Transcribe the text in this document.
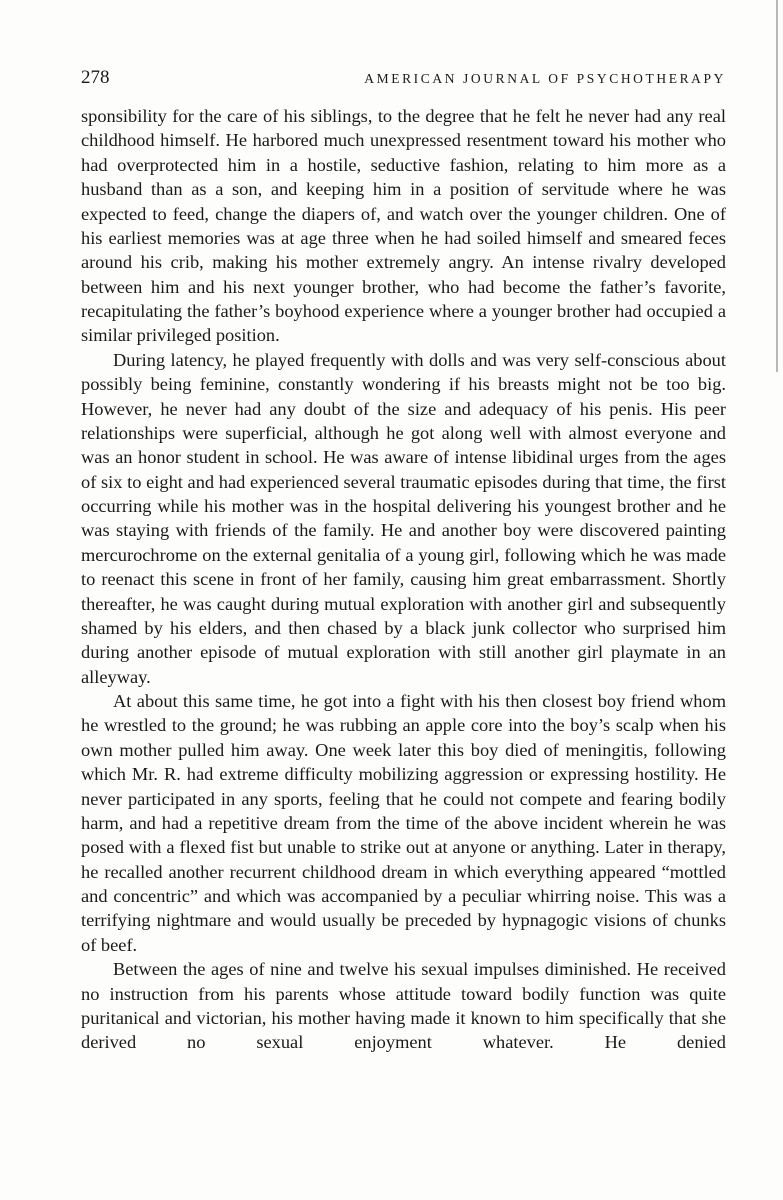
278	AMERICAN JOURNAL OF PSYCHOTHERAPY

sponsibility for the care of his siblings, to the degree that he felt he never had any real childhood himself. He harbored much unexpressed resentment toward his mother who had overprotected him in a hostile, seductive fashion, relating to him more as a husband than as a son, and keeping him in a position of servitude where he was expected to feed, change the diapers of, and watch over the younger children. One of his earliest memories was at age three when he had soiled himself and smeared feces around his crib, making his mother extremely angry. An intense rivalry developed between him and his next younger brother, who had become the father’s favorite, recapitulating the father’s boyhood experience where a younger brother had occupied a similar privileged position.

During latency, he played frequently with dolls and was very self-conscious about possibly being feminine, constantly wondering if his breasts might not be too big. However, he never had any doubt of the size and adequacy of his penis. His peer relationships were superficial, although he got along well with almost everyone and was an honor student in school. He was aware of intense libidinal urges from the ages of six to eight and had experienced several traumatic episodes during that time, the first occurring while his mother was in the hospital delivering his youngest brother and he was staying with friends of the family. He and another boy were discovered painting mercurochrome on the external genitalia of a young girl, following which he was made to reenact this scene in front of her family, causing him great embarrassment. Shortly thereafter, he was caught during mutual exploration with another girl and subsequently shamed by his elders, and then chased by a black junk collector who surprised him during another episode of mutual exploration with still another girl playmate in an alleyway.

At about this same time, he got into a fight with his then closest boy friend whom he wrestled to the ground; he was rubbing an apple core into the boy’s scalp when his own mother pulled him away. One week later this boy died of meningitis, following which Mr. R. had extreme difficulty mobilizing aggression or expressing hostility. He never participated in any sports, feeling that he could not compete and fearing bodily harm, and had a repetitive dream from the time of the above incident wherein he was posed with a flexed fist but unable to strike out at anyone or anything. Later in therapy, he recalled another recurrent childhood dream in which everything appeared “mottled and concentric” and which was accompanied by a peculiar whirring noise. This was a terrifying nightmare and would usually be preceded by hypnagogic visions of chunks of beef.

Between the ages of nine and twelve his sexual impulses diminished. He received no instruction from his parents whose attitude toward bodily function was quite puritanical and victorian, his mother having made it known to him specifically that she derived no sexual enjoyment whatever. He denied
